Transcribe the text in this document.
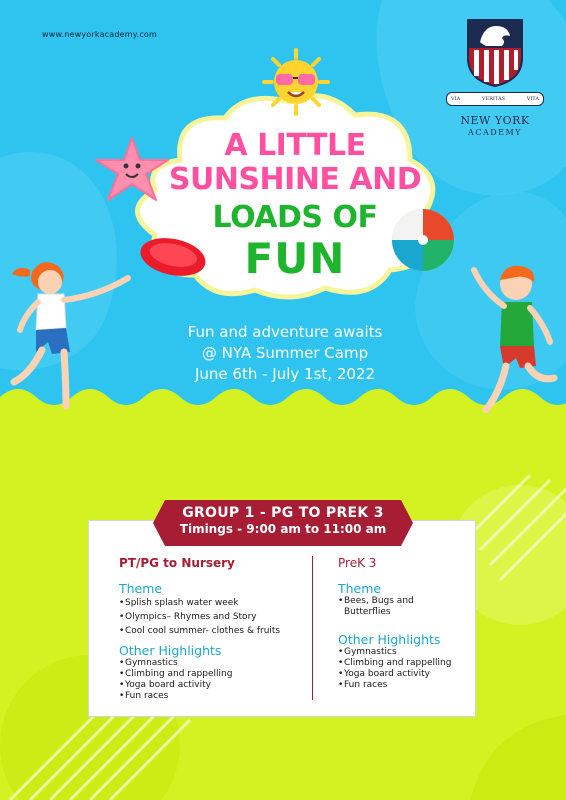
www.newyorkacademy.com
VIA	VERITAS	VITA
NEW YORK
ACADEMY
A LITTLE
SUNSHINE AND
LOADS OF
FUN
Fun and adventure awaits
@ NYA Summer Camp
June 6th - July 1st, 2022
GROUP 1 - PG TO PREK 3
Timings - 9:00 am to 11:00 am
PT/PG to Nursery
Theme
• Splish splash water week
• Olympics– Rhymes and Story
• Cool cool summer- clothes & fruits
Other Highlights
• Gymnastics
• Climbing and rappelling
• Yoga board activity
• Fun races
PreK 3
Theme
• Bees, Bugs and Butterflies
Other Highlights
• Gymnastics
• Climbing and rappelling
• Yoga board activity
• Fun races
